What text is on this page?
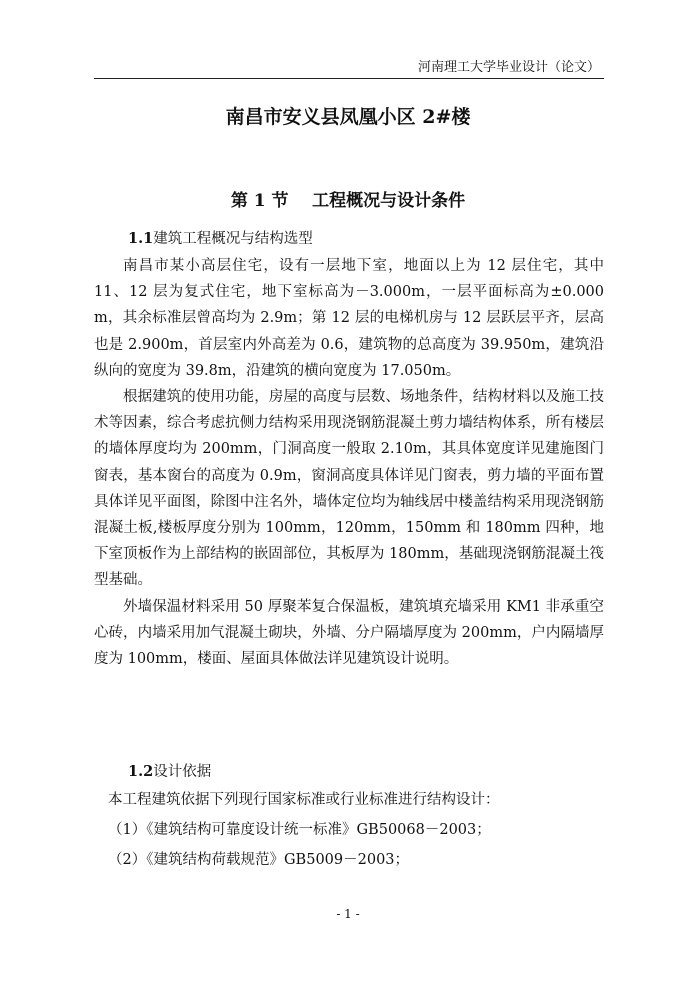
河南理工大学毕业设计（论文）
南昌市安义县凤凰小区 2#楼
第 1 节 工程概况与设计条件
1.1建筑工程概况与结构选型

南昌市某小高层住宅，设有一层地下室，地面以上为 12 层住宅，其中 11、12 层为复式住宅，地下室标高为－3.000m，一层平面标高为±0.000 m，其余标准层曾高均为 2.9m；第 12 层的电梯机房与 12 层跃层平齐，层高也是 2.900m，首层室内外高差为 0.6，建筑物的总高度为 39.950m，建筑沿纵向的宽度为 39.8m，沿建筑的横向宽度为 17.050m。

根据建筑的使用功能，房屋的高度与层数、场地条件，结构材料以及施工技术等因素，综合考虑抗侧力结构采用现浇钢筋混凝土剪力墙结构体系，所有楼层的墙体厚度均为 200mm，门洞高度一般取 2.10m，其具体宽度详见建施图门窗表，基本窗台的高度为 0.9m，窗洞高度具体详见门窗表，剪力墙的平面布置具体详见平面图，除图中注名外，墙体定位均为轴线居中楼盖结构采用现浇钢筋混凝土板,楼板厚度分别为 100mm，120mm，150mm 和 180mm 四种，地下室顶板作为上部结构的嵌固部位，其板厚为 180mm，基础现浇钢筋混凝土筏型基础。

外墙保温材料采用 50 厚聚苯复合保温板，建筑填充墙采用 KM1 非承重空心砖，内墙采用加气混凝土砌块，外墙、分户隔墙厚度为 200mm，户内隔墙厚度为 100mm，楼面、屋面具体做法详见建筑设计说明。

1.2设计依据
本工程建筑依据下列现行国家标准或行业标准进行结构设计：
（1）《建筑结构可靠度设计统一标准》GB50068－2003；
（2）《建筑结构荷载规范》GB5009－2003；
- 1 -
